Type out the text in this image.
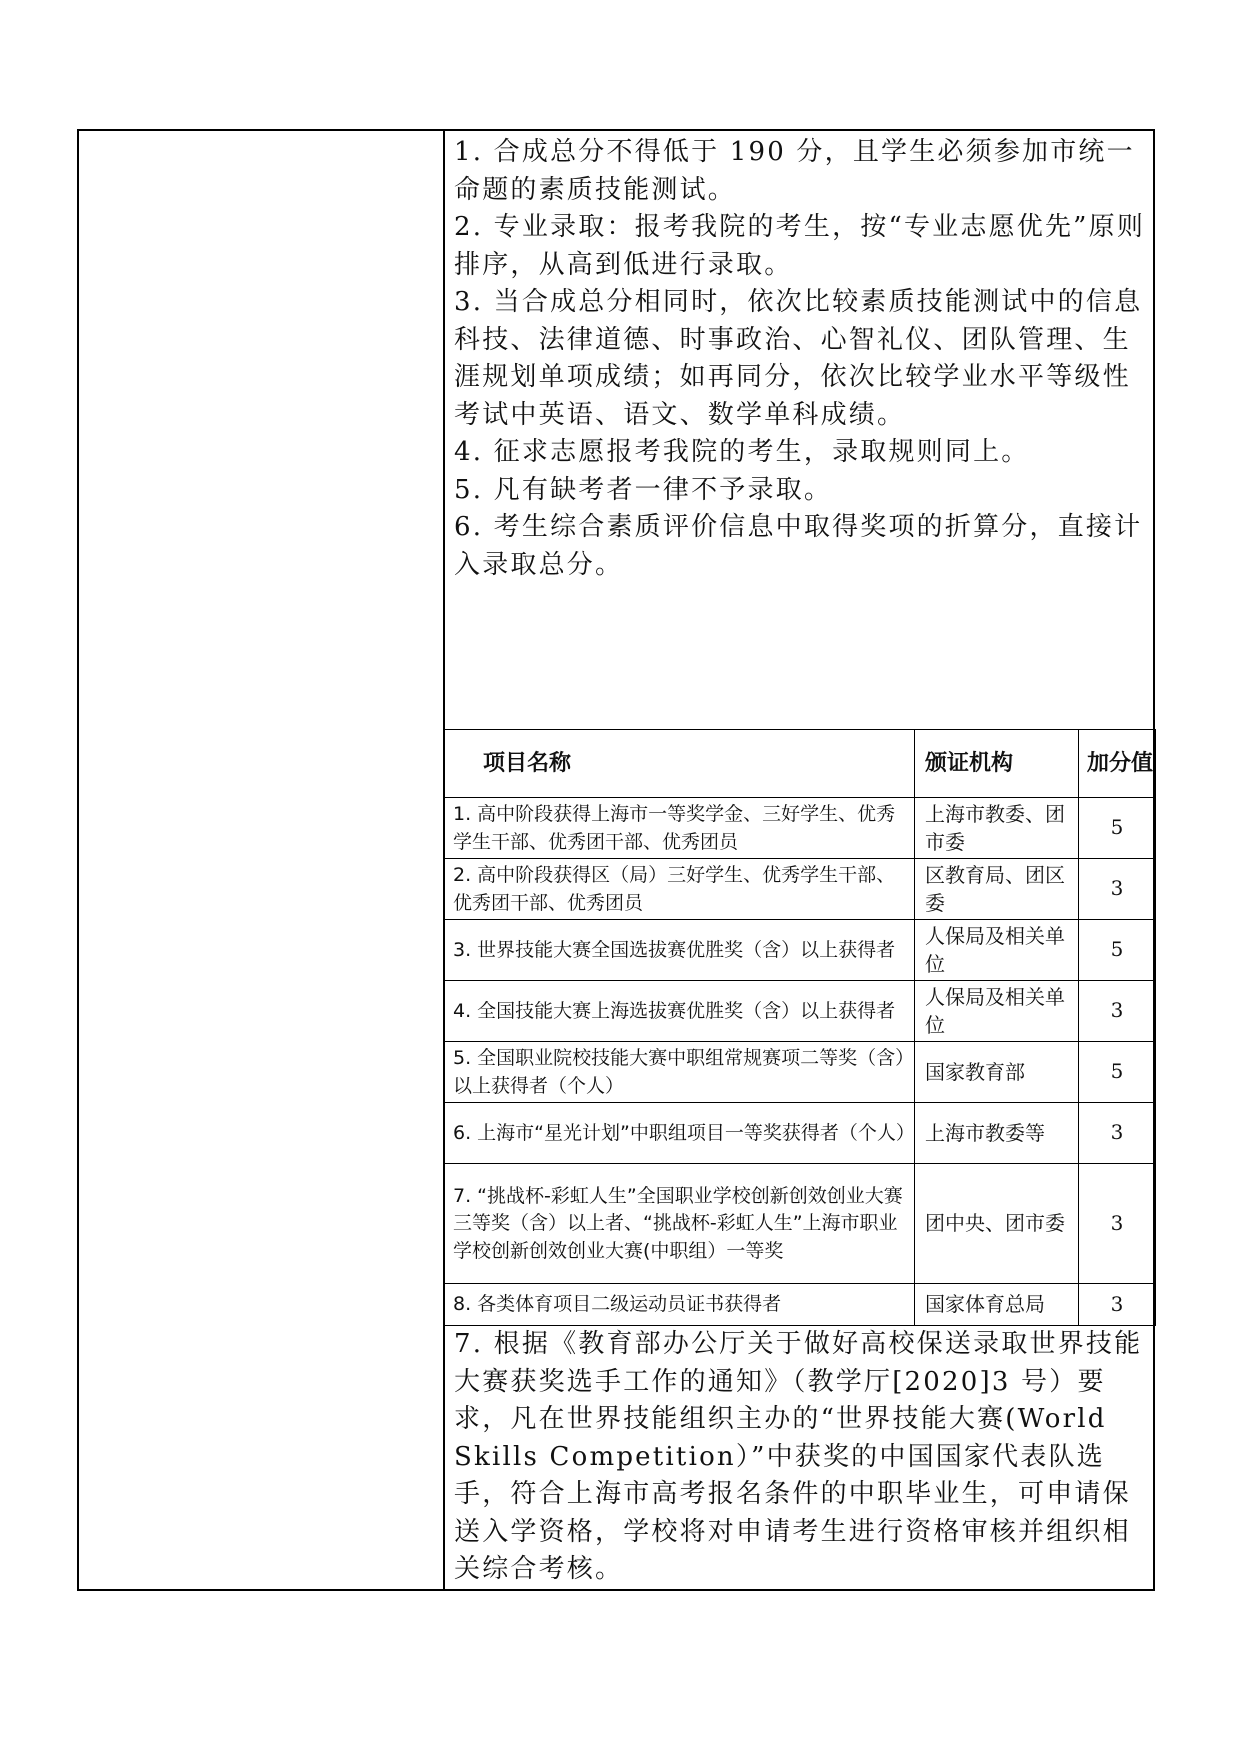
1. 合成总分不得低于 190 分，且学生必须参加市统一命题的素质技能测试。

2. 专业录取：报考我院的考生，按“专业志愿优先”原则排序，从高到低进行录取。

3. 当合成总分相同时，依次比较素质技能测试中的信息科技、法律道德、时事政治、心智礼仪、团队管理、生涯规划单项成绩；如再同分，依次比较学业水平等级性考试中英语、语文、数学单科成绩。

4. 征求志愿报考我院的考生，录取规则同上。

5. 凡有缺考者一律不予录取。

6. 考生综合素质评价信息中取得奖项的折算分，直接计入录取总分。

项目名称	颁证机构	加分值
1. 高中阶段获得上海市一等奖学金、三好学生、优秀学生干部、优秀团干部、优秀团员	上海市教委、团市委	5
2. 高中阶段获得区（局）三好学生、优秀学生干部、优秀团干部、优秀团员	区教育局、团区委	3
3. 世界技能大赛全国选拔赛优胜奖（含）以上获得者	人保局及相关单位	5
4. 全国技能大赛上海选拔赛优胜奖（含）以上获得者	人保局及相关单位	3
5. 全国职业院校技能大赛中职组常规赛项二等奖（含）以上获得者（个人）	国家教育部	5
6. 上海市“星光计划”中职组项目一等奖获得者（个人）	上海市教委等	3
7. “挑战杯-彩虹人生”全国职业学校创新创效创业大赛三等奖（含）以上者、“挑战杯-彩虹人生”上海市职业学校创新创效创业大赛(中职组）一等奖	团中央、团市委	3
8. 各类体育项目二级运动员证书获得者	国家体育总局	3

7. 根据《教育部办公厅关于做好高校保送录取世界技能大赛获奖选手工作的通知》（教学厅[2020]3 号）要求，凡在世界技能组织主办的“世界技能大赛(World Skills Competition）”中获奖的中国国家代表队选手，符合上海市高考报名条件的中职毕业生，可申请保送入学资格，学校将对申请考生进行资格审核并组织相关综合考核。
